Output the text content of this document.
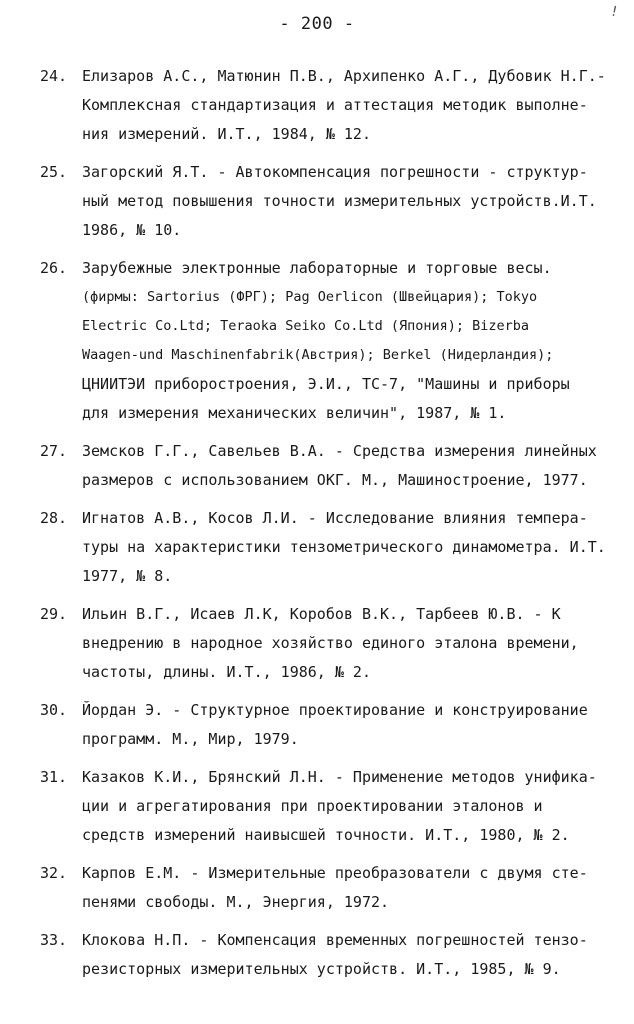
- 200 -
!
24. Елизаров А.С., Матюнин П.В., Архипенко А.Г., Дубовик Н.Г.-
Комплексная стандартизация и аттестация методик выполне-
ния измерений. И.Т., 1984, № 12.
25. Загорский Я.Т. - Автокомпенсация погрешности - структур-
ный метод повышения точности измерительных устройств.И.Т.
1986, № 10.
26. Зарубежные электронные лабораторные и торговые весы.
(фирмы: Sartorius (ФРГ); Pag Oerlicon (Швейцария); Tokyo
Electric Co.Ltd; Teraoka Seiko Co.Ltd (Япония); Bizerba
Waagen-und Maschinenfabrik(Австрия); Berkel (Нидерландия);
ЦНИИТЭИ приборостроения, Э.И., ТС-7, "Машины и приборы
для измерения механических величин", 1987, № 1.
27. Земсков Г.Г., Савельев В.А. - Средства измерения линейных
размеров с использованием ОКГ. М., Машиностроение, 1977.
28. Игнатов А.В., Косов Л.И. - Исследование влияния темпера-
туры на характеристики тензометрического динамометра. И.Т.
1977, № 8.
29. Ильин В.Г., Исаев Л.К, Коробов В.К., Тарбеев Ю.В. - К
внедрению в народное хозяйство единого эталона времени,
частоты, длины. И.Т., 1986, № 2.
30. Йордан Э. - Структурное проектирование и конструирование
программ. М., Мир, 1979.
31. Казаков К.И., Брянский Л.Н. - Применение методов унифика-
ции и агрегатирования при проектировании эталонов и
средств измерений наивысшей точности. И.Т., 1980, № 2.
32. Карпов Е.М. - Измерительные преобразователи с двумя сте-
пенями свободы. М., Энергия, 1972.
33. Клокова Н.П. - Компенсация временных погрешностей тензо-
резисторных измерительных устройств. И.Т., 1985, № 9.
